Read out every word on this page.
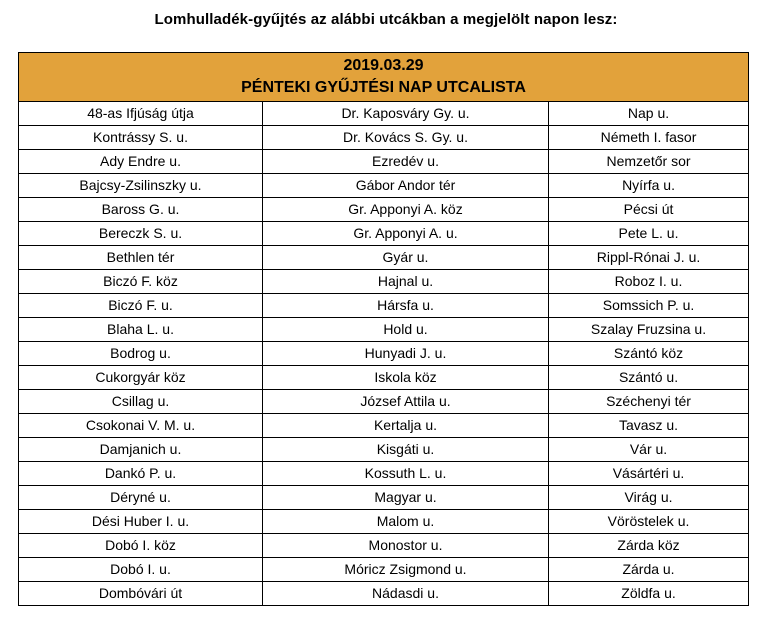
Lomhulladék-gyűjtés az alábbi utcákban a megjelölt napon lesz:
2019.03.29
PÉNTEKI GYŰJTÉSI NAP UTCALISTA		

48-as Ifjúság útja	Dr. Kaposváry Gy. u.	Nap u.
Kontrássy S. u.	Dr. Kovács S. Gy. u.	Németh I. fasor
Ady Endre u.	Ezredév u.	Nemzetőr sor
Bajcsy-Zsilinszky u.	Gábor Andor tér	Nyírfa u.
Baross G. u.	Gr. Apponyi A. köz	Pécsi út
Bereczk S. u.	Gr. Apponyi A. u.	Pete L. u.
Bethlen tér	Gyár u.	Rippl-Rónai J. u.
Biczó F. köz	Hajnal u.	Roboz I. u.
Biczó F. u.	Hársfa u.	Somssich P. u.
Blaha L. u.	Hold u.	Szalay Fruzsina u.
Bodrog u.	Hunyadi J. u.	Szántó köz
Cukorgyár köz	Iskola köz	Szántó u.
Csillag u.	József Attila u.	Széchenyi tér
Csokonai V. M. u.	Kertalja u.	Tavasz u.
Damjanich u.	Kisgáti u.	Vár u.
Dankó P. u.	Kossuth L. u.	Vásártéri u.
Déryné u.	Magyar u.	Virág u.
Dési Huber I. u.	Malom u.	Vöröstelek u.
Dobó I. köz	Monostor u.	Zárda köz
Dobó I. u.	Móricz Zsigmond u.	Zárda u.
Dombóvári út	Nádasdi u.	Zöldfa u.
